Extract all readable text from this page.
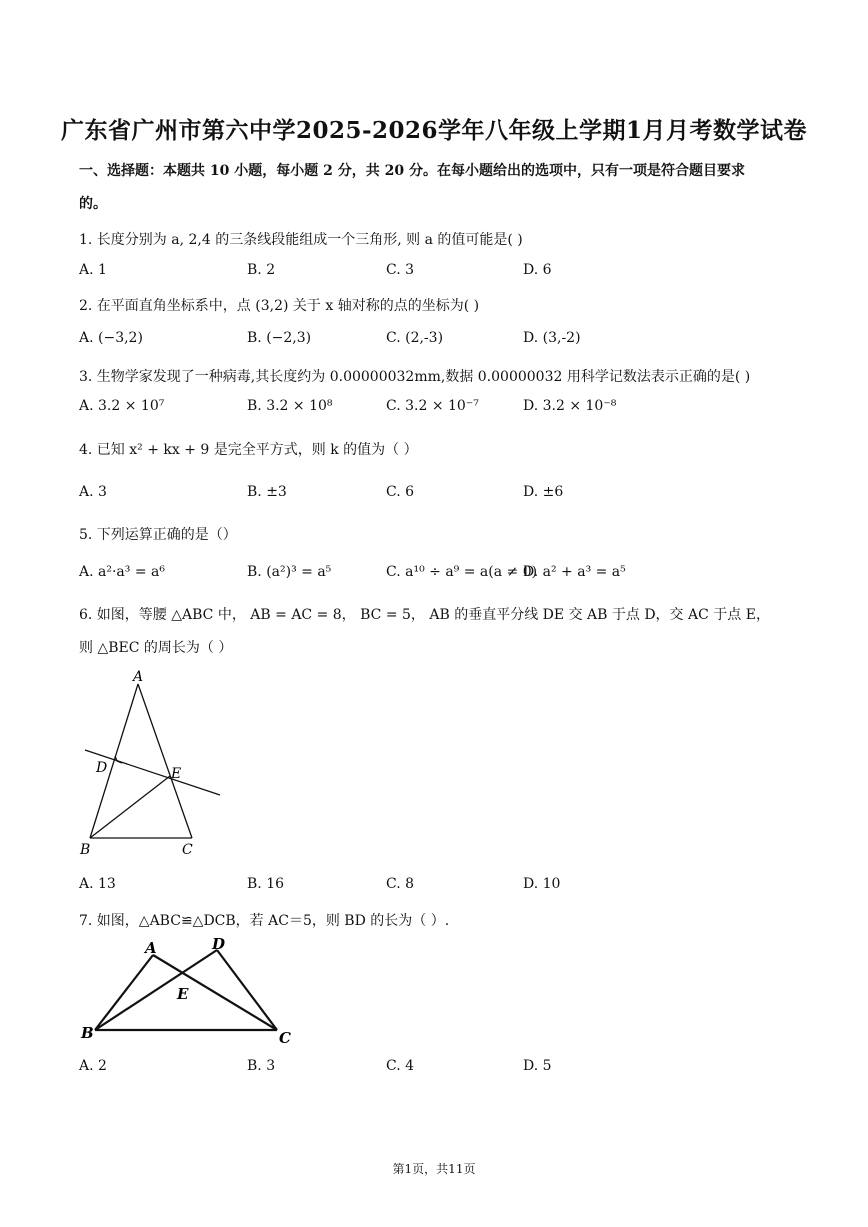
广东省广州市第六中学2025-2026学年八年级上学期1月月考数学试卷
一、选择题：本题共 10 小题，每小题 2 分，共 20 分。在每小题给出的选项中，只有一项是符合题目要求
的。
1. 长度分别为 a, 2,4 的三条线段能组成一个三角形, 则 a 的值可能是( )
A. 1	B. 2	C. 3	D. 6
2. 在平面直角坐标系中，点 (3,2) 关于 x 轴对称的点的坐标为( )
A. (−3,2)	B. (−2,3)	C. (2,-3)	D. (3,-2)
3. 生物学家发现了一种病毒,其长度约为 0.00000032mm,数据 0.00000032 用科学记数法表示正确的是( )
A. 3.2 × 10⁷	B. 3.2 × 10⁸	C. 3.2 × 10⁻⁷	D. 3.2 × 10⁻⁸
4. 已知 x² + kx + 9 是完全平方式，则 k 的值为（ ）
A. 3	B. ±3	C. 6	D. ±6
5. 下列运算正确的是（）
A. a²·a³ = a⁶	B. (a²)³ = a⁵	C. a¹⁰ ÷ a⁹ = a(a ≠ 0)
D. a² + a³ = a⁵
6. 如图，等腰 △ABC 中， AB = AC = 8， BC = 5， AB 的垂直平分线 DE 交 AB 于点 D，交 AC 于点 E，
则 △BEC 的周长为（ ）
A
D	E
B	C
A. 13	B. 16	C. 8	D. 10
7. 如图，△ABC≌△DCB，若 AC＝5，则 BD 的长为（ ）.
A	D
E
B	C
A. 2	B. 3	C. 4	D. 5
第1页，共11页
